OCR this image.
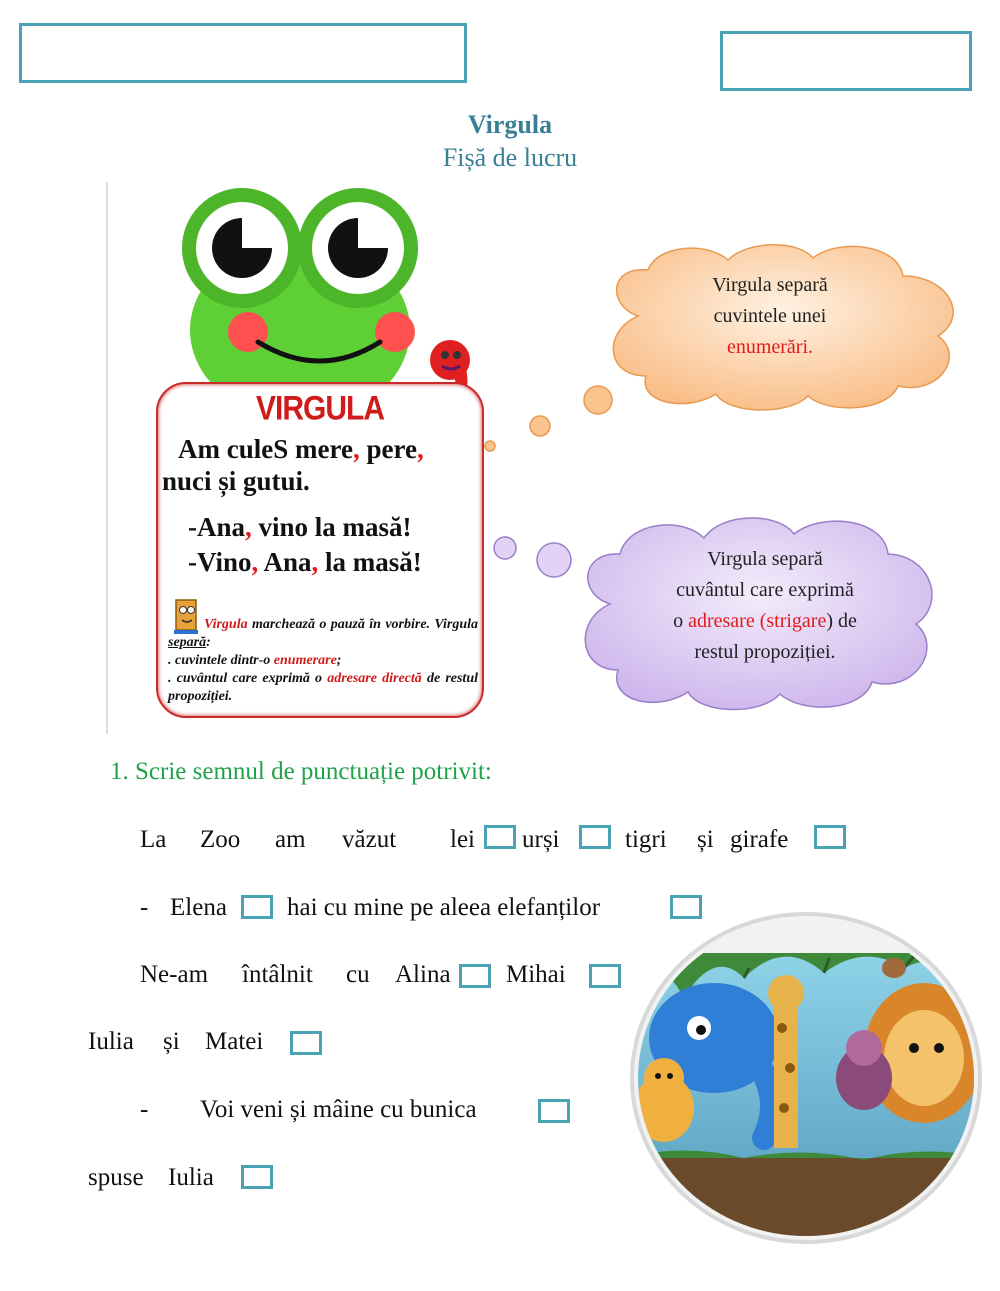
Virgula
Fișă de lucru
VIRGULA
Am culeS mere, pere,
nuci și gutui.
-Ana, vino la masă!
-Vino, Ana, la masă!
Virgula marchează o pauză în vorbire. Virgula separă:
. cuvintele dintr-o enumerare;
. cuvântul care exprimă o adresare directă de restul propoziției.
Virgula separă
cuvintele unei
enumerări.
Virgula separă
cuvântul care exprimă
o adresare (strigare) de
restul propoziției.
1. Scrie semnul de punctuație potrivit:
La Zoo am văzut lei urși	tigri și girafe
- Elena hai cu mine pe aleea elefanților
Ne-am întâlnit cu Alina Mihai
Iulia și Matei
- Voi veni și mâine cu bunica
spuse Iulia
